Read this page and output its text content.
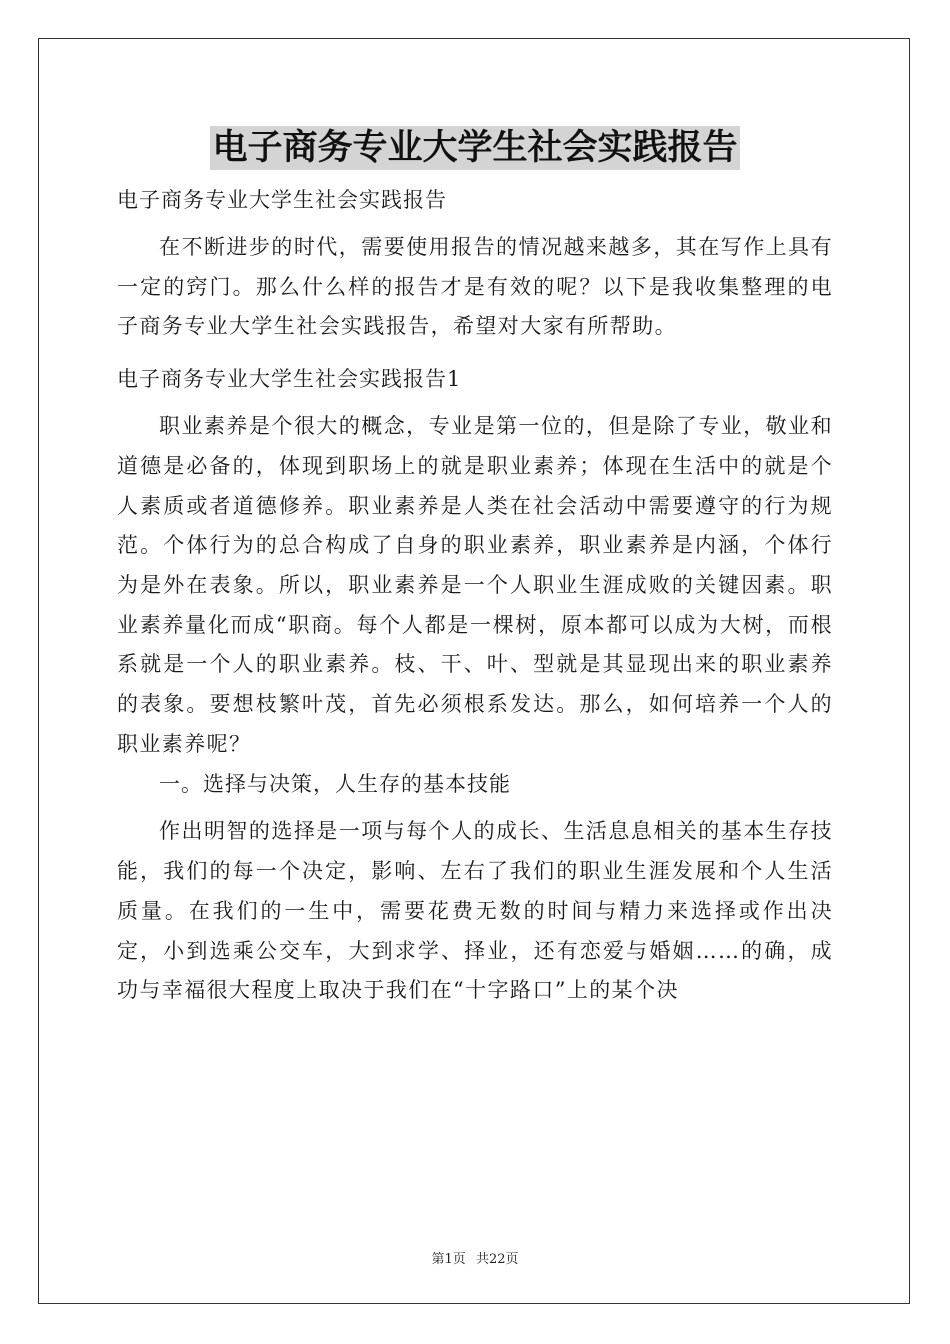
电子商务专业大学生社会实践报告

电子商务专业大学生社会实践报告

在不断进步的时代，需要使用报告的情况越来越多，其在写作上具有一定的窍门。那么什么样的报告才是有效的呢？以下是我收集整理的电子商务专业大学生社会实践报告，希望对大家有所帮助。

电子商务专业大学生社会实践报告1

职业素养是个很大的概念，专业是第一位的，但是除了专业，敬业和道德是必备的，体现到职场上的就是职业素养；体现在生活中的就是个人素质或者道德修养。职业素养是人类在社会活动中需要遵守的行为规范。个体行为的总合构成了自身的职业素养，职业素养是内涵，个体行为是外在表象。所以，职业素养是一个人职业生涯成败的关键因素。职业素养量化而成“职商。每个人都是一棵树，原本都可以成为大树，而根系就是一个人的职业素养。枝、干、叶、型就是其显现出来的职业素养的表象。要想枝繁叶茂，首先必须根系发达。那么，如何培养一个人的职业素养呢？

一。选择与决策，人生存的基本技能

作出明智的选择是一项与每个人的成长、生活息息相关的基本生存技能，我们的每一个决定，影响、左右了我们的职业生涯发展和个人生活质量。在我们的一生中，需要花费无数的时间与精力来选择或作出决定，小到选乘公交车，大到求学、择业，还有恋爱与婚姻……的确，成功与幸福很大程度上取决于我们在“十字路口”上的某个决

第1页 共22页
